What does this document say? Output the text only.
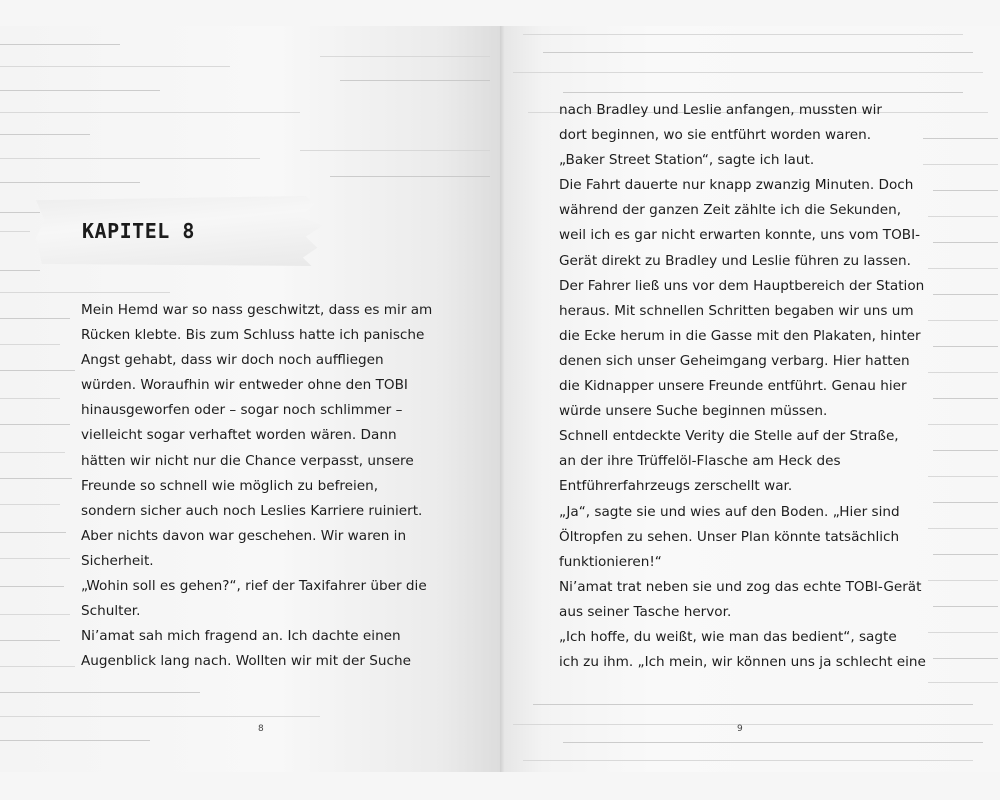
KAPITEL 8
Mein Hemd war so nass geschwitzt, dass es mir am
Rücken klebte. Bis zum Schluss hatte ich panische
Angst gehabt, dass wir doch noch auffliegen
würden. Woraufhin wir entweder ohne den TOBI
hinausgeworfen oder – sogar noch schlimmer –
vielleicht sogar verhaftet worden wären. Dann
hätten wir nicht nur die Chance verpasst, unsere
Freunde so schnell wie möglich zu befreien,
sondern sicher auch noch Leslies Karriere ruiniert.
Aber nichts davon war geschehen. Wir waren in
Sicherheit.
„Wohin soll es gehen?“, rief der Taxifahrer über die
Schulter.
Ni’amat sah mich fragend an. Ich dachte einen
Augenblick lang nach. Wollten wir mit der Suche
nach Bradley und Leslie anfangen, mussten wir
dort beginnen, wo sie entführt worden waren.
„Baker Street Station“, sagte ich laut.
Die Fahrt dauerte nur knapp zwanzig Minuten. Doch
während der ganzen Zeit zählte ich die Sekunden,
weil ich es gar nicht erwarten konnte, uns vom TOBI-
Gerät direkt zu Bradley und Leslie führen zu lassen.
Der Fahrer ließ uns vor dem Hauptbereich der Station
heraus. Mit schnellen Schritten begaben wir uns um
die Ecke herum in die Gasse mit den Plakaten, hinter
denen sich unser Geheimgang verbarg. Hier hatten
die Kidnapper unsere Freunde entführt. Genau hier
würde unsere Suche beginnen müssen.
Schnell entdeckte Verity die Stelle auf der Straße,
an der ihre Trüffelöl-Flasche am Heck des
Entführerfahrzeugs zerschellt war.
„Ja“, sagte sie und wies auf den Boden. „Hier sind
Öltropfen zu sehen. Unser Plan könnte tatsächlich
funktionieren!“
Ni’amat trat neben sie und zog das echte TOBI-Gerät
aus seiner Tasche hervor.
„Ich hoffe, du weißt, wie man das bedient“, sagte
ich zu ihm. „Ich mein, wir können uns ja schlecht eine
8	9
